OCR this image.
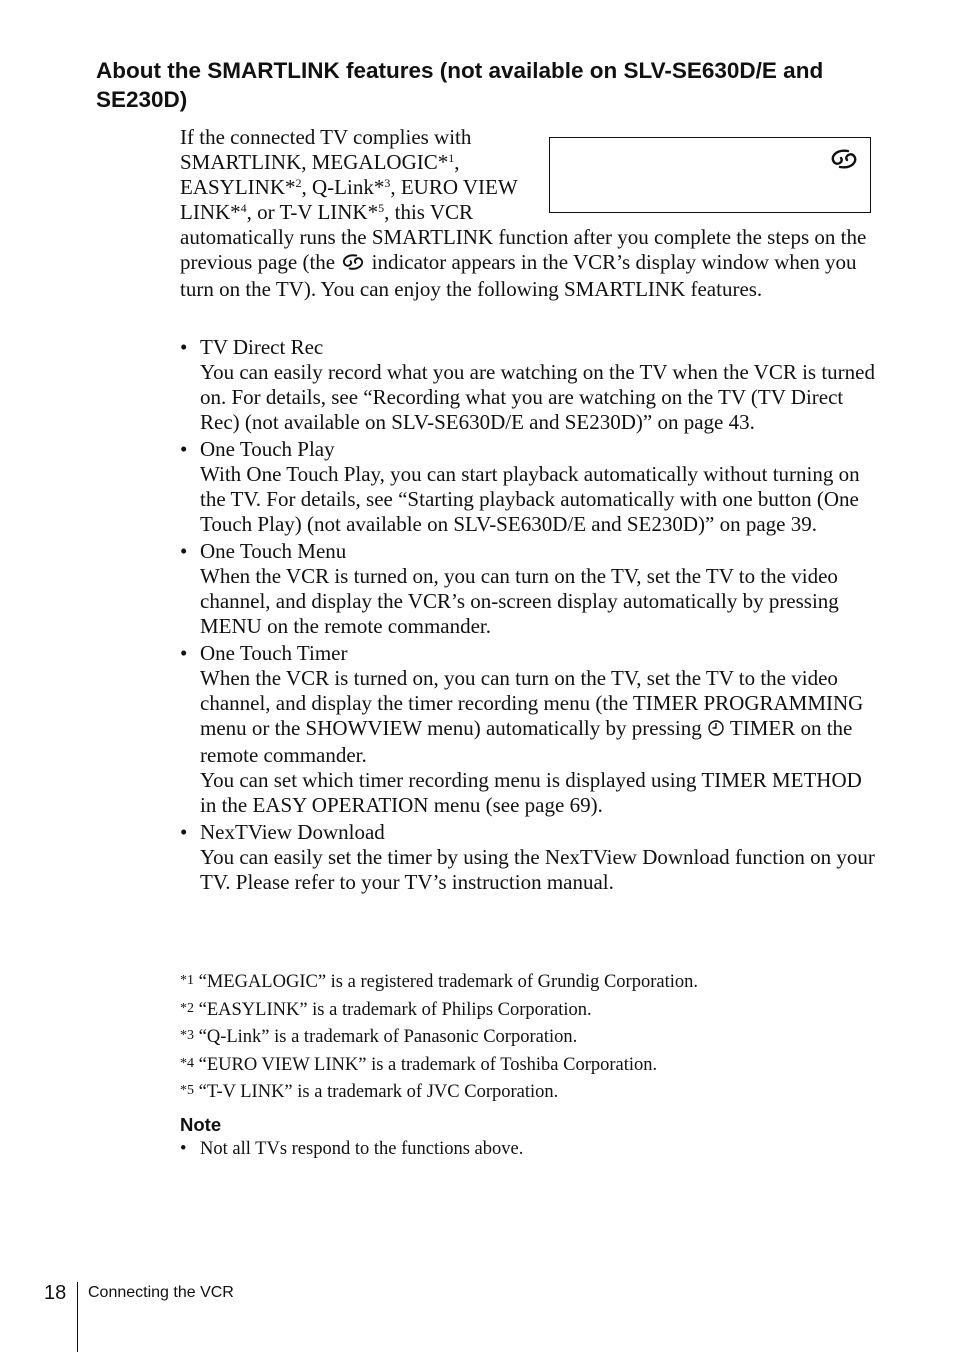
About the SMARTLINK features (not available on SLV-SE630D/E and SE230D)
If the connected TV complies with SMARTLINK, MEGALOGIC*$^1$, EASYLINK*$^2$, Q-Link*$^3$, EURO VIEW LINK*$^4$, or T-V LINK*$^5$, this VCR automatically runs the SMARTLINK function after you complete the steps on the previous page (the  indicator appears in the VCR’s display window when you turn on the TV). You can enjoy the following SMARTLINK features.
• TV Direct Rec
You can easily record what you are watching on the TV when the VCR is turned on. For details, see “Recording what you are watching on the TV (TV Direct Rec) (not available on SLV-SE630D/E and SE230D)” on page 43.
• One Touch Play
With One Touch Play, you can start playback automatically without turning on the TV. For details, see “Starting playback automatically with one button (One Touch Play) (not available on SLV-SE630D/E and SE230D)” on page 39.
• One Touch Menu
When the VCR is turned on, you can turn on the TV, set the TV to the video channel, and display the VCR’s on-screen display automatically by pressing MENU on the remote commander.
• One Touch Timer
When the VCR is turned on, you can turn on the TV, set the TV to the video channel, and display the timer recording menu (the TIMER PROGRAMMING menu or the SHOWVIEW menu) automatically by pressing  TIMER on the remote commander.
You can set which timer recording menu is displayed using TIMER METHOD in the EASY OPERATION menu (see page 69).
• NexTView Download
You can easily set the timer by using the NexTView Download function on your TV. Please refer to your TV’s instruction manual.
*1 “MEGALOGIC” is a registered trademark of Grundig Corporation.
*2 “EASYLINK” is a trademark of Philips Corporation.
*3 “Q-Link” is a trademark of Panasonic Corporation.
*4 “EURO VIEW LINK” is a trademark of Toshiba Corporation.
*5 “T-V LINK” is a trademark of JVC Corporation.
Note
• Not all TVs respond to the functions above.
18 Connecting the VCR
